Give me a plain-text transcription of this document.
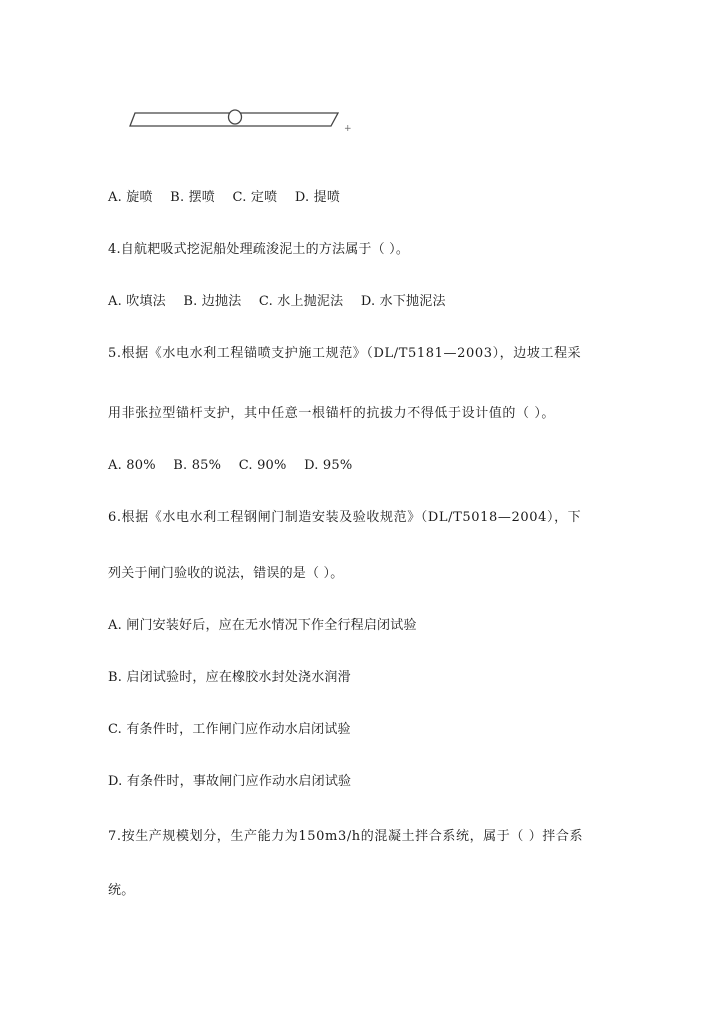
+
A. 旋喷　 B. 摆喷　 C. 定喷　 D. 提喷
4.自航耙吸式挖泥船处理疏浚泥土的方法属于（ ）。
A. 吹填法　 B. 边抛法　 C. 水上抛泥法　 D. 水下抛泥法
5.根据《水电水利工程锚喷支护施工规范》（DL/T5181—2003），边坡工程采
用非张拉型锚杆支护，其中任意一根锚杆的抗拔力不得低于设计值的（ ）。
A. 80%　 B. 85%　 C. 90%　 D. 95%
6.根据《水电水利工程钢闸门制造安装及验收规范》（DL/T5018—2004），下
列关于闸门验收的说法，错误的是（ ）。
A. 闸门安装好后，应在无水情况下作全行程启闭试验
B. 启闭试验时，应在橡胶水封处浇水润滑
C. 有条件时，工作闸门应作动水启闭试验
D. 有条件时，事故闸门应作动水启闭试验
7.按生产规模划分，生产能力为150m3/h的混凝土拌合系统，属于（ ）拌合系
统。
